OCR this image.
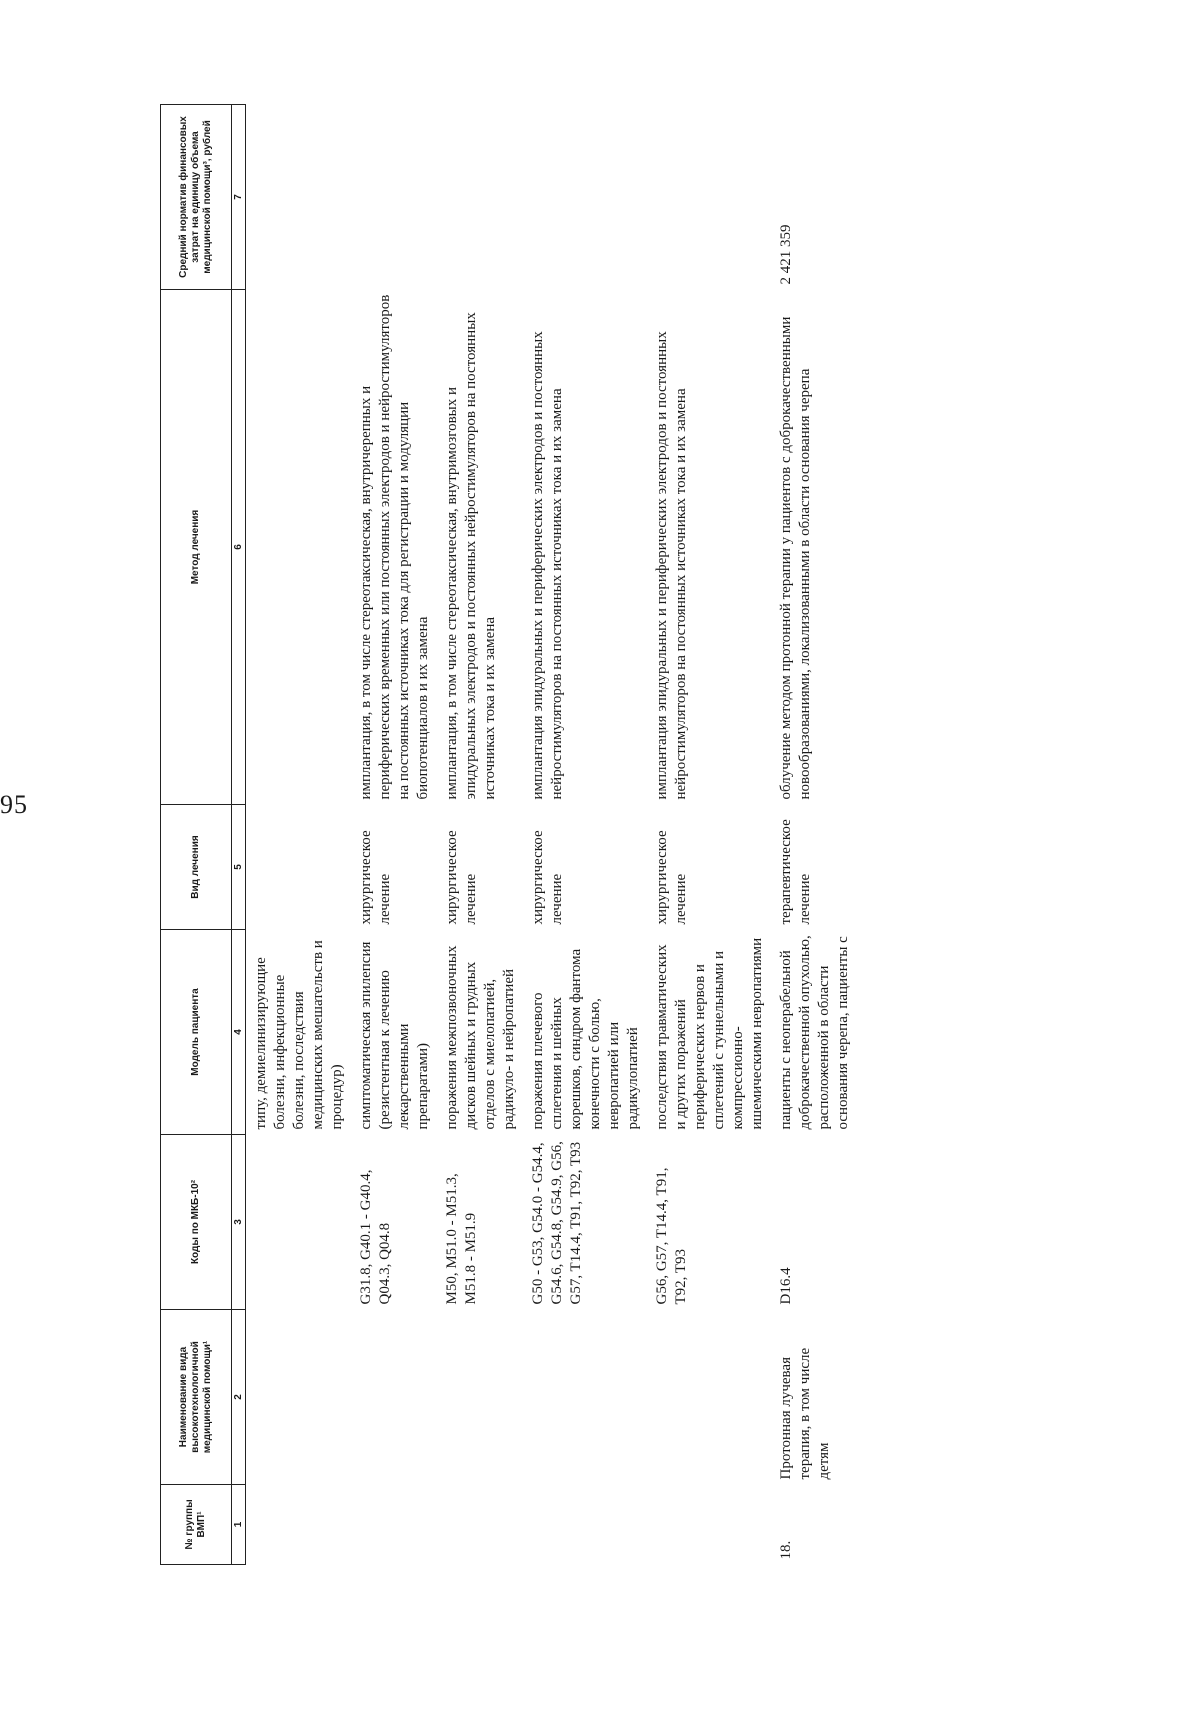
95
№ группы ВМП¹	Наименование вида высокотехнологичной медицинской помощи¹	Коды по МКБ-10²	Модель пациента	Вид лечения	Метод лечения	Средний норматив финансовых затрат на единицу объема медицинской помощи³, рублей
1	2	3	4	5	6	7
			типу, демиелинизирующие болезни, инфекционные болезни, последствия медицинских вмешательств и процедур)			
		G31.8, G40.1 - G40.4, Q04.3, Q04.8	симптоматическая эпилепсия (резистентная к лечению лекарственными препаратами)	хирургическое лечение	имплантация, в том числе стереотаксическая, внутричерепных и периферических временных или постоянных электродов и нейростимуляторов на постоянных источниках тока для регистрации и модуляции биопотенциалов и их замена	
		M50, M51.0 - M51.3, M51.8 - M51.9	поражения межпозвоночных дисков шейных и грудных отделов с миелопатией, радикуло- и нейропатией	хирургическое лечение	имплантация, в том числе стереотаксическая, внутримозговых и эпидуральных электродов и постоянных нейростимуляторов на постоянных источниках тока и их замена	
		G50 - G53, G54.0 - G54.4, G54.6, G54.8, G54.9, G56, G57, T14.4, T91, T92, T93	поражения плечевого сплетения и шейных корешков, синдром фантома конечности с болью, невропатией или радикулопатией	хирургическое лечение	имплантация эпидуральных и периферических электродов и постоянных нейростимуляторов на постоянных источниках тока и их замена	
		G56, G57, T14.4, T91, T92, T93	последствия травматических и других поражений периферических нервов и сплетений с туннельными и компрессионно-ишемическими невропатиями	хирургическое лечение	имплантация эпидуральных и периферических электродов и постоянных нейростимуляторов на постоянных источниках тока и их замена	
18.	Протонная лучевая терапия, в том числе детям	D16.4	пациенты с неоперабельной доброкачественной опухолью, расположенной в области основания черепа, пациенты с	терапевтическое лечение	облучение методом протонной терапии у пациентов с доброкачественными новообразованиями, локализованными в области основания черепа	2 421 359
